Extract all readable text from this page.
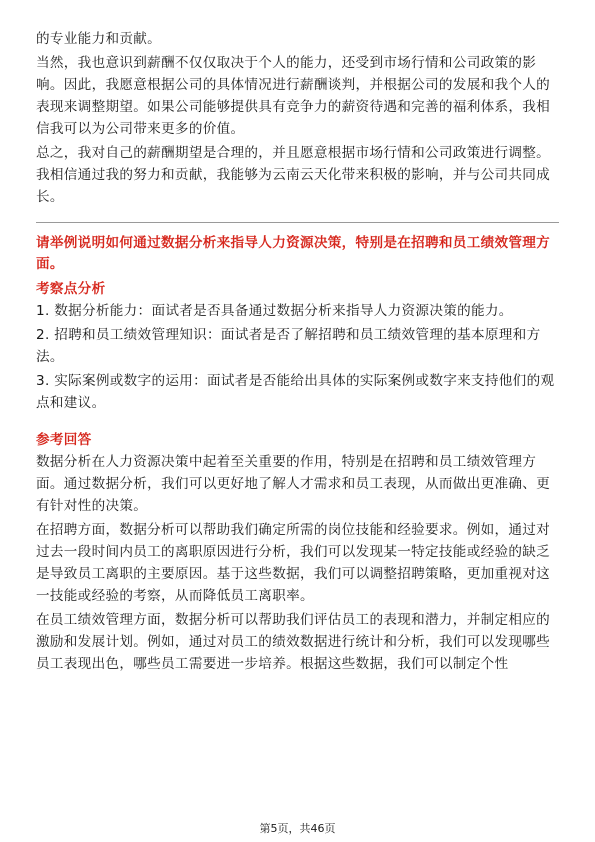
的专业能力和贡献。

当然，我也意识到薪酬不仅仅取决于个人的能力，还受到市场行情和公司政策的影响。因此，我愿意根据公司的具体情况进行薪酬谈判，并根据公司的发展和我个人的表现来调整期望。如果公司能够提供具有竞争力的薪资待遇和完善的福利体系，我相信我可以为公司带来更多的价值。

总之，我对自己的薪酬期望是合理的，并且愿意根据市场行情和公司政策进行调整。我相信通过我的努力和贡献，我能够为云南云天化带来积极的影响，并与公司共同成长。

请举例说明如何通过数据分析来指导人力资源决策，特别是在招聘和员工绩效管理方面。

考察点分析

1. 数据分析能力：面试者是否具备通过数据分析来指导人力资源决策的能力。

2. 招聘和员工绩效管理知识：面试者是否了解招聘和员工绩效管理的基本原理和方法。

3. 实际案例或数字的运用：面试者是否能给出具体的实际案例或数字来支持他们的观点和建议。

参考回答

数据分析在人力资源决策中起着至关重要的作用，特别是在招聘和员工绩效管理方面。通过数据分析，我们可以更好地了解人才需求和员工表现，从而做出更准确、更有针对性的决策。

在招聘方面，数据分析可以帮助我们确定所需的岗位技能和经验要求。例如，通过对过去一段时间内员工的离职原因进行分析，我们可以发现某一特定技能或经验的缺乏是导致员工离职的主要原因。基于这些数据，我们可以调整招聘策略，更加重视对这一技能或经验的考察，从而降低员工离职率。

在员工绩效管理方面，数据分析可以帮助我们评估员工的表现和潜力，并制定相应的激励和发展计划。例如，通过对员工的绩效数据进行统计和分析，我们可以发现哪些员工表现出色，哪些员工需要进一步培养。根据这些数据，我们可以制定个性

第5页，共46页
